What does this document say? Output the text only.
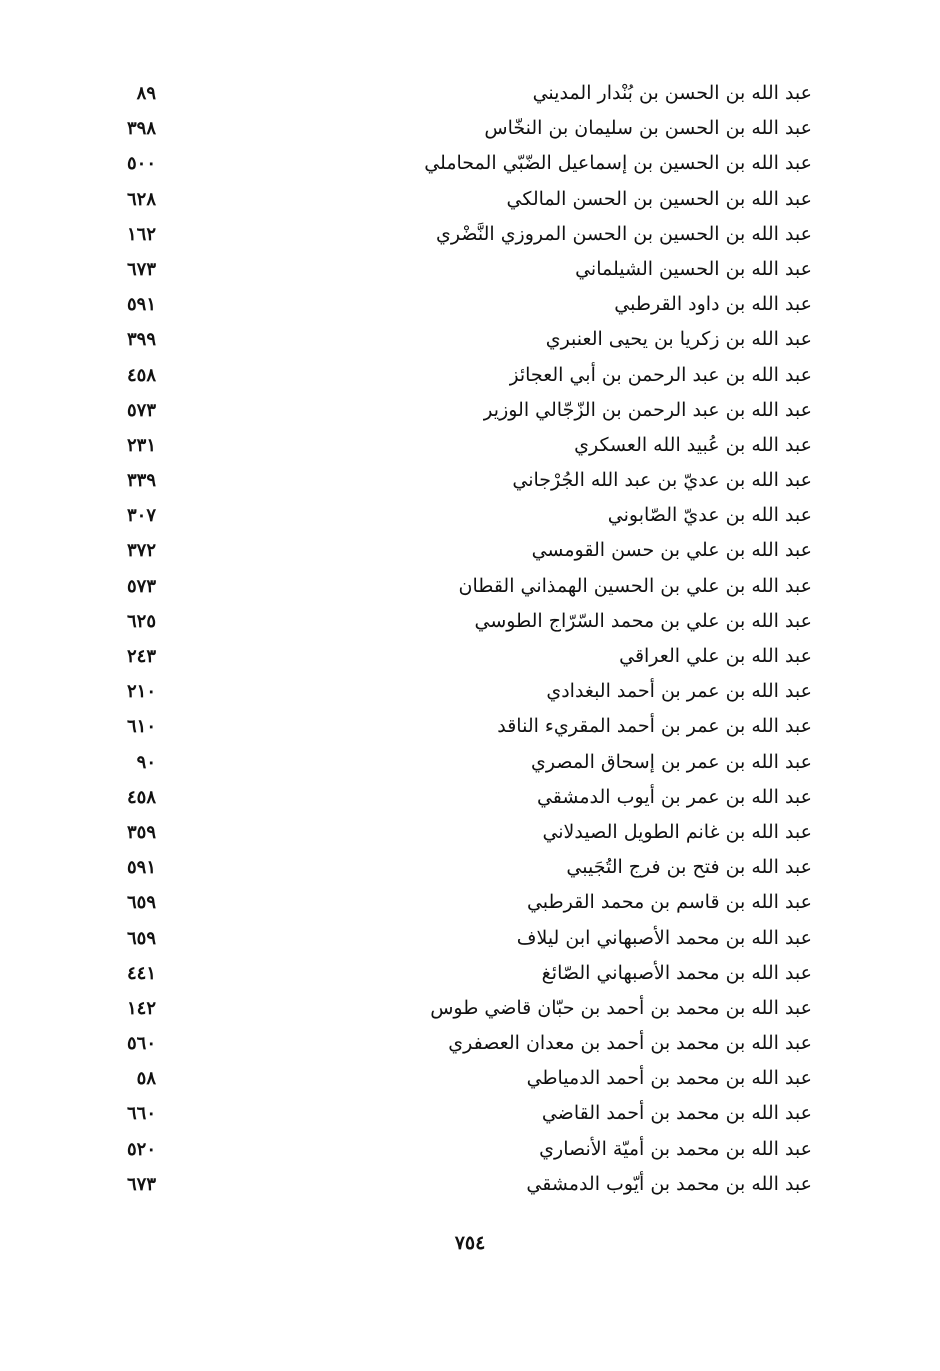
عبد الله بن الحسن بن بُنْدار المديني
٨٩
عبد الله بن الحسن بن سليمان بن النخّاس
٣٩٨
عبد الله بن الحسين بن إسماعيل الضّبّي المحاملي
٥٠٠
عبد الله بن الحسين بن الحسن المالكي
٦٢٨
عبد الله بن الحسين بن الحسن المروزي النَّضْري
١٦٢
عبد الله بن الحسين الشيلماني
٦٧٣
عبد الله بن داود القرطبي
٥٩١
عبد الله بن زكريا بن يحيى العنبري
٣٩٩
عبد الله بن عبد الرحمن بن أبي العجائز
٤٥٨
عبد الله بن عبد الرحمن بن الزّجّالي الوزير
٥٧٣
عبد الله بن عُبيد الله العسكري
٢٣١
عبد الله بن عديّ بن عبد الله الجُرْجاني
٣٣٩
عبد الله بن عديّ الصّابوني
٣٠٧
عبد الله بن علي بن حسن القومسي
٣٧٢
عبد الله بن علي بن الحسين الهمذاني القطان
٥٧٣
عبد الله بن علي بن محمد السّرّاج الطوسي
٦٢٥
عبد الله بن علي العراقي
٢٤٣
عبد الله بن عمر بن أحمد البغدادي
٢١٠
عبد الله بن عمر بن أحمد المقريء الناقد
٦١٠
عبد الله بن عمر بن إسحاق المصري
٩٠
عبد الله بن عمر بن أيوب الدمشقي
٤٥٨
عبد الله بن غانم الطويل الصيدلاني
٣٥٩
عبد الله بن فتح بن فرج التُجَيبي
٥٩١
عبد الله بن قاسم بن محمد القرطبي
٦٥٩
عبد الله بن محمد الأصبهاني ابن ليلاف
٦٥٩
عبد الله بن محمد الأصبهاني الصّائغ
٤٤١
عبد الله بن محمد بن أحمد بن حبّان قاضي طوس
١٤٢
عبد الله بن محمد بن أحمد بن معدان العصفري
٥٦٠
عبد الله بن محمد بن أحمد الدمياطي
٥٨
عبد الله بن محمد بن أحمد القاضي
٦٦٠
عبد الله بن محمد بن أميّة الأنصاري
٥٢٠
عبد الله بن محمد بن أيّوب الدمشقي
٦٧٣
٧٥٤
